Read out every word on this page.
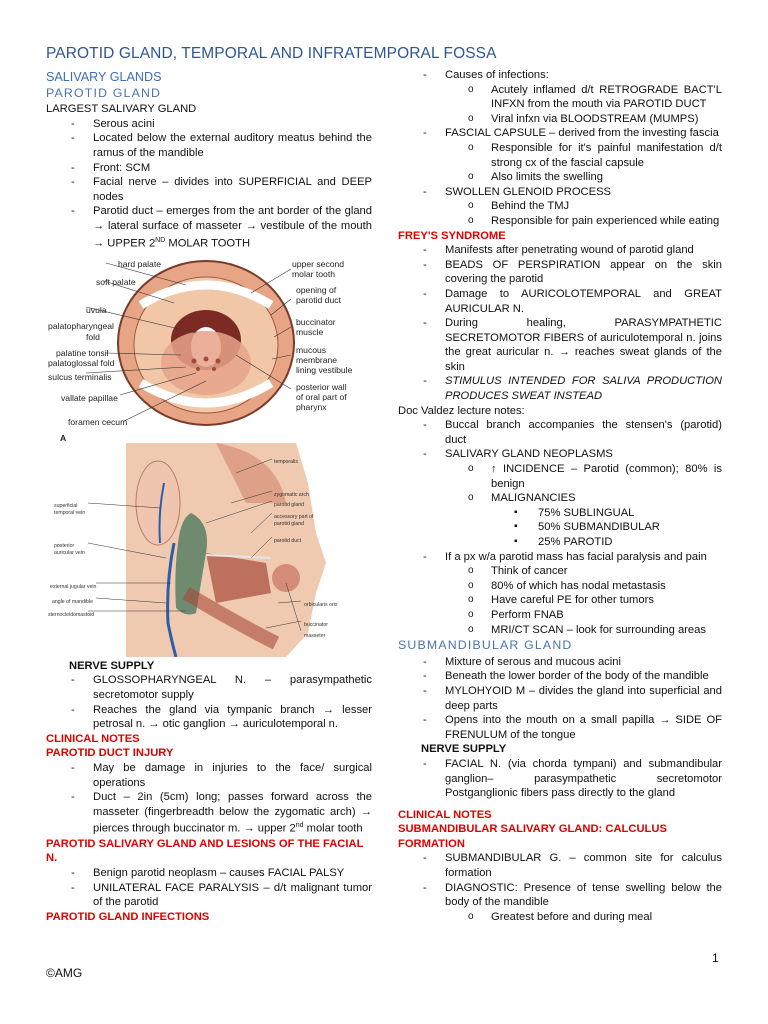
PAROTID GLAND, TEMPORAL AND INFRATEMPORAL FOSSA
SALIVARY GLANDS
PAROTID GLAND
LARGEST SALIVARY GLAND
- Serous acini
- Located below the external auditory meatus behind the ramus of the mandible
- Front: SCM
- Facial nerve – divides into SUPERFICIAL and DEEP nodes
- Parotid duct – emerges from the ant border of the gland → lateral surface of masseter → vestibule of the mouth → UPPER 2ND MOLAR TOOTH
hard palate
soft palate
uvula
palatopharyngeal
fold
palatine tonsil
palatoglossal fold
sulcus terminalis
vallate papillae
foramen cecum
upper second
molar tooth
opening of
parotid duct
buccinator
muscle
mucous
membrane
lining vestibule
posterior wall
of oral part of
pharynx
A
temporalis
zygomatic arch
parotid gland
accessory part of
parotid gland
parotid duct
superficial
temporal vein
posterior
auricular vein
external jugular vein
angle of mandible
sternocleidomastoid
orbicularis oris
buccinator
masseter
NERVE SUPPLY
- GLOSSOPHARYNGEAL N. – parasympathetic secretomotor supply
- Reaches the gland via tympanic branch → lesser petrosal n. → otic ganglion → auriculotemporal n.
CLINICAL NOTES
PAROTID DUCT INJURY
- May be damage in injuries to the face/ surgical operations
- Duct – 2in (5cm) long; passes forward across the masseter (fingerbreadth below the zygomatic arch) → pierces through buccinator m. → upper 2nd molar tooth
PAROTID SALIVARY GLAND AND LESIONS OF THE FACIAL N.
- Benign parotid neoplasm – causes FACIAL PALSY
- UNILATERAL FACE PARALYSIS – d/t malignant tumor of the parotid
PAROTID GLAND INFECTIONS
- Causes of infections:
o Acutely inflamed d/t RETROGRADE BACT'L INFXN from the mouth via PAROTID DUCT
o Viral infxn via BLOODSTREAM (MUMPS)
- FASCIAL CAPSULE – derived from the investing fascia
o Responsible for it's painful manifestation d/t strong cx of the fascial capsule
o Also limits the swelling
- SWOLLEN GLENOID PROCESS
o Behind the TMJ
o Responsible for pain experienced while eating
FREY'S SYNDROME
- Manifests after penetrating wound of parotid gland
- BEADS OF PERSPIRATION appear on the skin covering the parotid
- Damage to AURICOLOTEMPORAL and GREAT AURICULAR N.
- During healing, PARASYMPATHETIC SECRETOMOTOR FIBERS of auriculotemporal n. joins the great auricular n. → reaches sweat glands of the skin
- STIMULUS INTENDED FOR SALIVA PRODUCTION PRODUCES SWEAT INSTEAD
Doc Valdez lecture notes:
- Buccal branch accompanies the stensen's (parotid) duct
- SALIVARY GLAND NEOPLASMS
o ↑ INCIDENCE – Parotid (common); 80% is benign
o MALIGNANCIES
▪ 75% SUBLINGUAL
▪ 50% SUBMANDIBULAR
▪ 25% PAROTID
- If a px w/a parotid mass has facial paralysis and pain
o Think of cancer
o 80% of which has nodal metastasis
o Have careful PE for other tumors
o Perform FNAB
o MRI/CT SCAN – look for surrounding areas
SUBMANDIBULAR GLAND
- Mixture of serous and mucous acini
- Beneath the lower border of the body of the mandible
- MYLOHYOID M – divides the gland into superficial and deep parts
- Opens into the mouth on a small papilla → SIDE OF FRENULUM of the tongue
NERVE SUPPLY
- FACIAL N. (via chorda tympani) and submandibular ganglion– parasympathetic secretomotor Postganglionic fibers pass directly to the gland
CLINICAL NOTES
SUBMANDIBULAR SALIVARY GLAND: CALCULUS FORMATION
- SUBMANDIBULAR G. – common site for calculus formation
- DIAGNOSTIC: Presence of tense swelling below the body of the mandible
o Greatest before and during meal
1
©AMG
